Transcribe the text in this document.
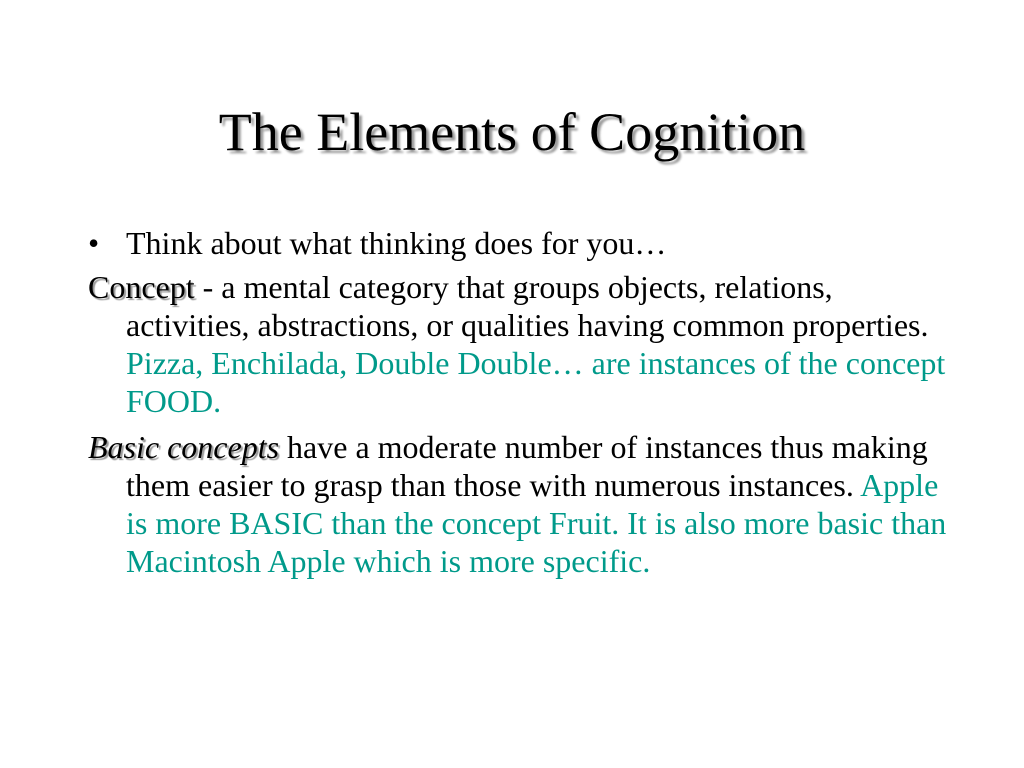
The Elements of Cognition

• Think about what thinking does for you…

Concept - a mental category that groups objects, relations, activities, abstractions, or qualities having common properties. Pizza, Enchilada, Double Double… are instances of the concept FOOD.

Basic concepts have a moderate number of instances thus making them easier to grasp than those with numerous instances. Apple is more BASIC than the concept Fruit. It is also more basic than Macintosh Apple which is more specific.
